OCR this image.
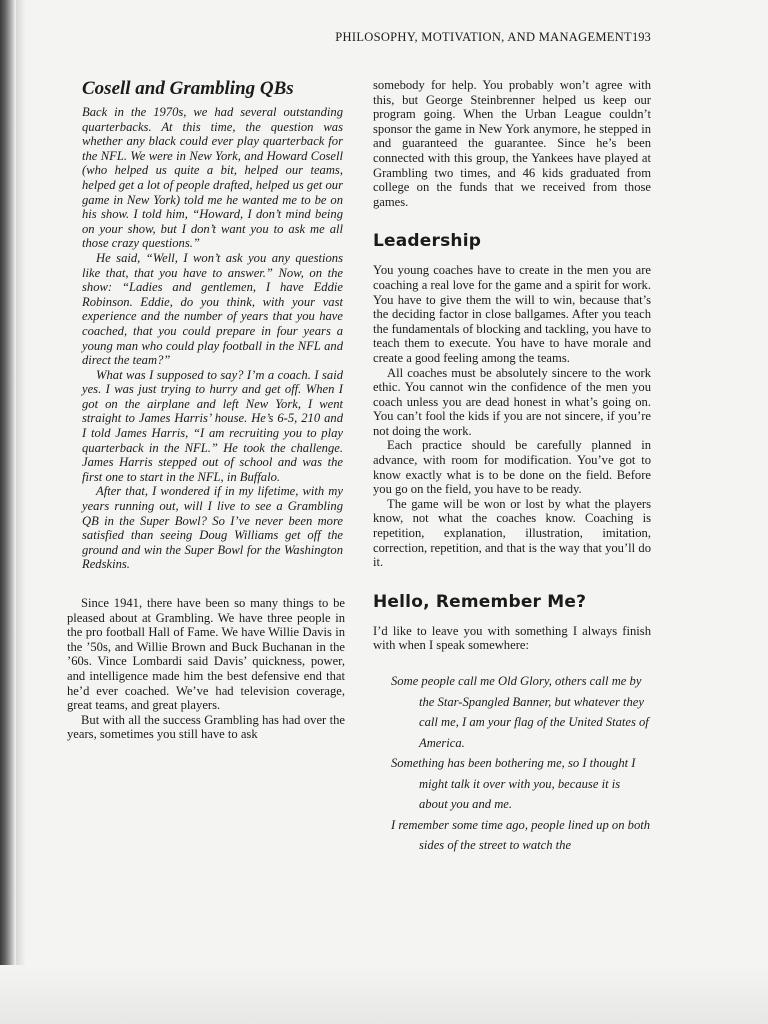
PHILOSOPHY, MOTIVATION, AND MANAGEMENT 193
Cosell and Grambling QBs

Back in the 1970s, we had several outstanding quarterbacks. At this time, the question was whether any black could ever play quarterback for the NFL. We were in New York, and Howard Cosell (who helped us quite a bit, helped our teams, helped get a lot of people drafted, helped us get our game in New York) told me he wanted me to be on his show. I told him, “Howard, I don’t mind being on your show, but I don’t want you to ask me all those crazy questions.”

He said, “Well, I won’t ask you any questions like that, that you have to answer.” Now, on the show: “Ladies and gentlemen, I have Eddie Robinson. Eddie, do you think, with your vast experience and the number of years that you have coached, that you could prepare in four years a young man who could play football in the NFL and direct the team?”

What was I supposed to say? I’m a coach. I said yes. I was just trying to hurry and get off. When I got on the airplane and left New York, I went straight to James Harris’ house. He’s 6-5, 210 and I told James Harris, “I am recruiting you to play quarterback in the NFL.” He took the challenge. James Harris stepped out of school and was the first one to start in the NFL, in Buffalo.

After that, I wondered if in my lifetime, with my years running out, will I live to see a Grambling QB in the Super Bowl? So I’ve never been more satisfied than seeing Doug Williams get off the ground and win the Super Bowl for the Washington Redskins.

Since 1941, there have been so many things to be pleased about at Grambling. We have three people in the pro football Hall of Fame. We have Willie Davis in the ’50s, and Willie Brown and Buck Buchanan in the ’60s. Vince Lombardi said Davis’ quickness, power, and intelligence made him the best defensive end that he’d ever coached. We’ve had television coverage, great teams, and great players.

But with all the success Grambling has had over the years, sometimes you still have to ask

somebody for help. You probably won’t agree with this, but George Steinbrenner helped us keep our program going. When the Urban League couldn’t sponsor the game in New York anymore, he stepped in and guaranteed the guarantee. Since he’s been connected with this group, the Yankees have played at Grambling two times, and 46 kids graduated from college on the funds that we received from those games.

Leadership

You young coaches have to create in the men you are coaching a real love for the game and a spirit for work. You have to give them the will to win, because that’s the deciding factor in close ballgames. After you teach the fundamentals of blocking and tackling, you have to teach them to execute. You have to have morale and create a good feeling among the teams.

All coaches must be absolutely sincere to the work ethic. You cannot win the confidence of the men you coach unless you are dead honest in what’s going on. You can’t fool the kids if you are not sincere, if you’re not doing the work.

Each practice should be carefully planned in advance, with room for modification. You’ve got to know exactly what is to be done on the field. Before you go on the field, you have to be ready.

The game will be won or lost by what the players know, not what the coaches know. Coaching is repetition, explanation, illustration, imitation, correction, repetition, and that is the way that you’ll do it.

Hello, Remember Me?

I’d like to leave you with something I always finish with when I speak somewhere:

Some people call me Old Glory, others call me by the Star-Spangled Banner, but whatever they call me, I am your flag of the United States of America.
Something has been bothering me, so I thought I might talk it over with you, because it is about you and me.
I remember some time ago, people lined up on both sides of the street to watch the
